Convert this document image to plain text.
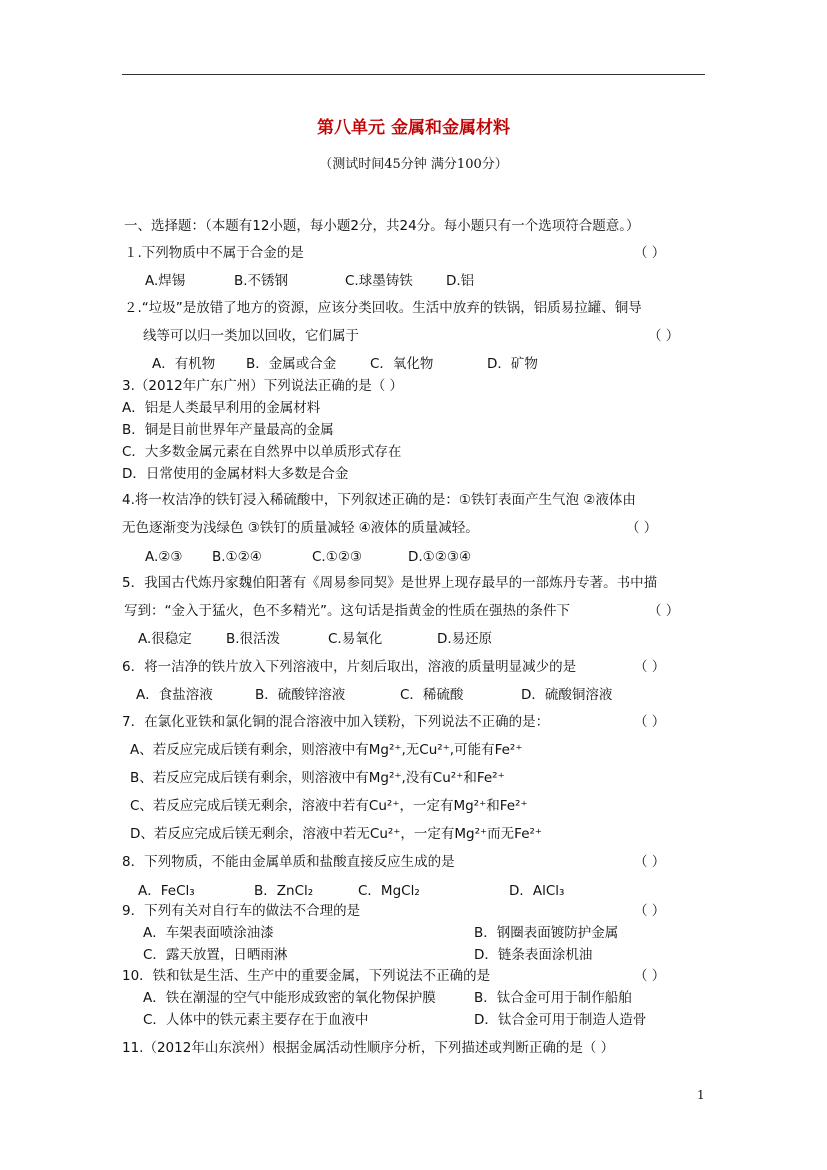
第八单元 金属和金属材料
（测试时间45分钟 满分100分）
一、选择题：（本题有12小题，每小题2分，共24分。每小题只有一个选项符合题意。）
１.下列物质中不属于合金的是	（ ）
A.焊锡	B.不锈钢	C.球墨铸铁 D.铝
２.“垃圾”是放错了地方的资源，应该分类回收。生活中放弃的铁锅，铝质易拉罐、铜导
线等可以归一类加以回收，它们属于	（ ）
A．有机物 B．金属或合金 C．氧化物	D．矿物
3.（2012年广东广州）下列说法正确的是（ ）
A．铝是人类最早利用的金属材料
B．铜是目前世界年产量最高的金属
C．大多数金属元素在自然界中以单质形式存在
D．日常使用的金属材料大多数是合金
4.将一枚洁净的铁钉浸入稀硫酸中，下列叙述正确的是：①铁钉表面产生气泡 ②液体由
无色逐渐变为浅绿色 ③铁钉的质量减轻 ④液体的质量减轻。	（ ）
A.②③ B.①②④	C.①②③	D.①②③④
5．我国古代炼丹家魏伯阳著有《周易参同契》是世界上现存最早的一部炼丹专著。书中描
写到：“金入于猛火，色不多精光”。这句话是指黄金的性质在强热的条件下	（ ）
A.很稳定	B.很活泼	C.易氧化	D.易还原
6．将一洁净的铁片放入下列溶液中，片刻后取出，溶液的质量明显减少的是	（ ）
A．食盐溶液	B．硫酸锌溶液	C．稀硫酸	D．硫酸铜溶液
7．在氯化亚铁和氯化铜的混合溶液中加入镁粉，下列说法不正确的是：	（ ）
A、若反应完成后镁有剩余，则溶液中有Mg²⁺,无Cu²⁺,可能有Fe²⁺
B、若反应完成后镁有剩余，则溶液中有Mg²⁺,没有Cu²⁺和Fe²⁺
C、若反应完成后镁无剩余，溶液中若有Cu²⁺，一定有Mg²⁺和Fe²⁺
D、若反应完成后镁无剩余，溶液中若无Cu²⁺，一定有Mg²⁺而无Fe²⁺
8．下列物质，不能由金属单质和盐酸直接反应生成的是	（ ）
A．FeCl₃	B．ZnCl₂	C．MgCl₂	D．AlCl₃
9．下列有关对自行车的做法不合理的是	（ ）
A．车架表面喷涂油漆	B．钢圈表面镀防护金属
C．露天放置，日晒雨淋	D．链条表面涂机油
10．铁和钛是生活、生产中的重要金属，下列说法不正确的是	（ ）
A．铁在潮湿的空气中能形成致密的氧化物保护膜	B．钛合金可用于制作船舶
C．人体中的铁元素主要存在于血液中	D．钛合金可用于制造人造骨
11.（2012年山东滨州）根据金属活动性顺序分析，下列描述或判断正确的是（ ）
1
